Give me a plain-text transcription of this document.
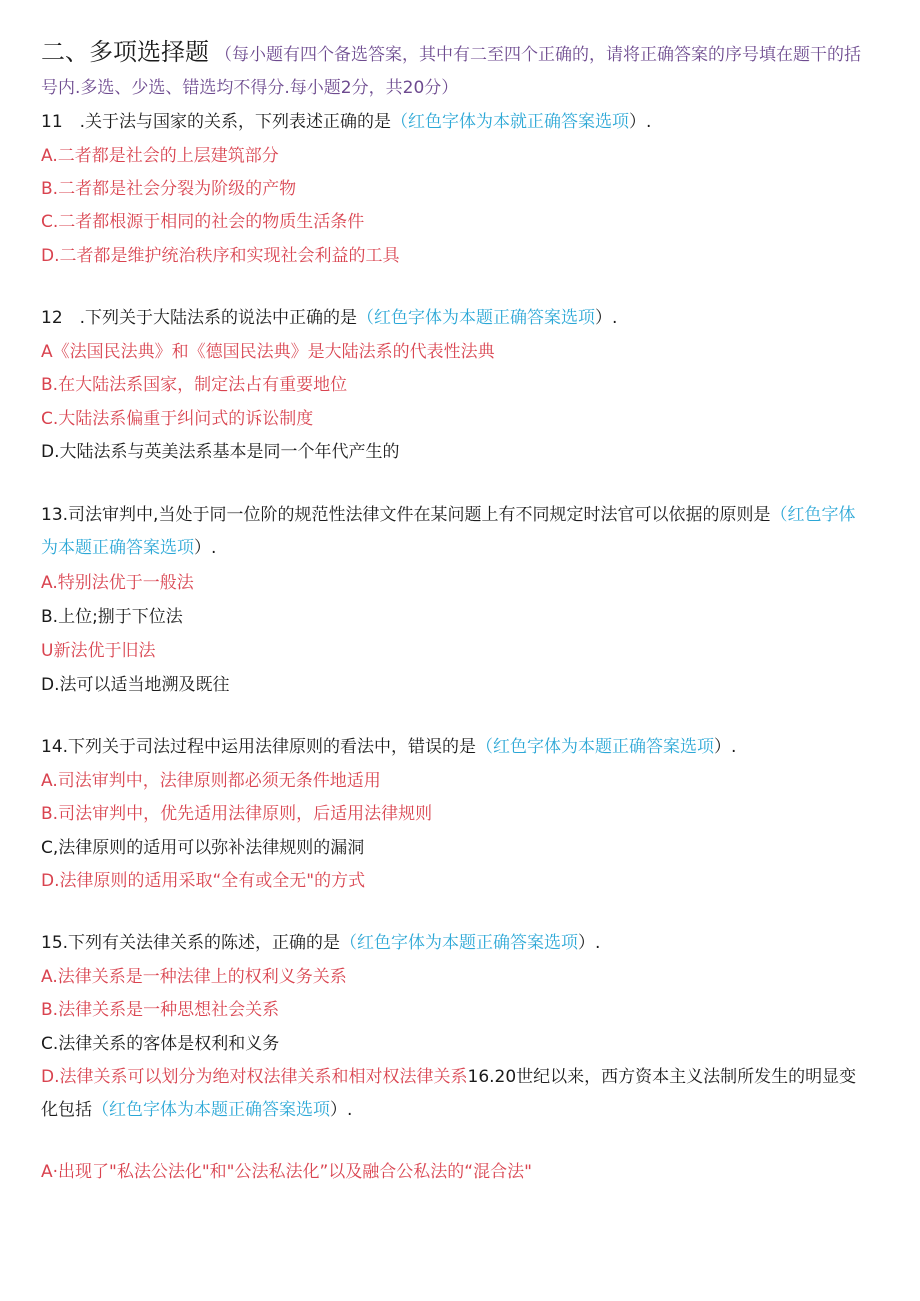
二、多项选择题 （每小题有四个备选答案，其中有二至四个正确的，请将正确答案的序号填在题干的括号内.多选、少选、错选均不得分.每小题2分，共20分）
11　.关于法与国家的关系，下列表述正确的是（红色字体为本就正确答案选项）.
A.二者都是社会的上层建筑部分
B.二者都是社会分裂为阶级的产物
C.二者都根源于相同的社会的物质生活条件
D.二者都是维护统治秩序和实现社会利益的工具
12　.下列关于大陆法系的说法中正确的是（红色字体为本题正确答案选项）.
A《法国民法典》和《德国民法典》是大陆法系的代表性法典
B.在大陆法系国家，制定法占有重要地位
C.大陆法系偏重于纠问式的诉讼制度
D.大陆法系与英美法系基本是同一个年代产生的
13.司法审判中,当处于同一位阶的规范性法律文件在某问题上有不同规定时法官可以依据的原则是（红色字体为本题正确答案选项）.
A.特别法优于一般法
B.上位;捌于下位法
U新法优于旧法
D.法可以适当地溯及既往
14.下列关于司法过程中运用法律原则的看法中，错误的是（红色字体为本题正确答案选项）.
A.司法审判中，法律原则都必须无条件地适用
B.司法审判中，优先适用法律原则，后适用法律规则
C,法律原则的适用可以弥补法律规则的漏洞
D.法律原则的适用采取“全有或全无"的方式
15.下列有关法律关系的陈述，正确的是（红色字体为本题正确答案选项）.
A.法律关系是一种法律上的权利义务关系
B.法律关系是一种思想社会关系
C.法律关系的客体是权利和义务
D.法律关系可以划分为绝对权法律关系和相对权法律关系16.20世纪以来，西方资本主义法制所发生的明显变化包括（红色字体为本题正确答案选项）.
A·出现了"私法公法化"和"公法私法化”以及融合公私法的“混合法"
